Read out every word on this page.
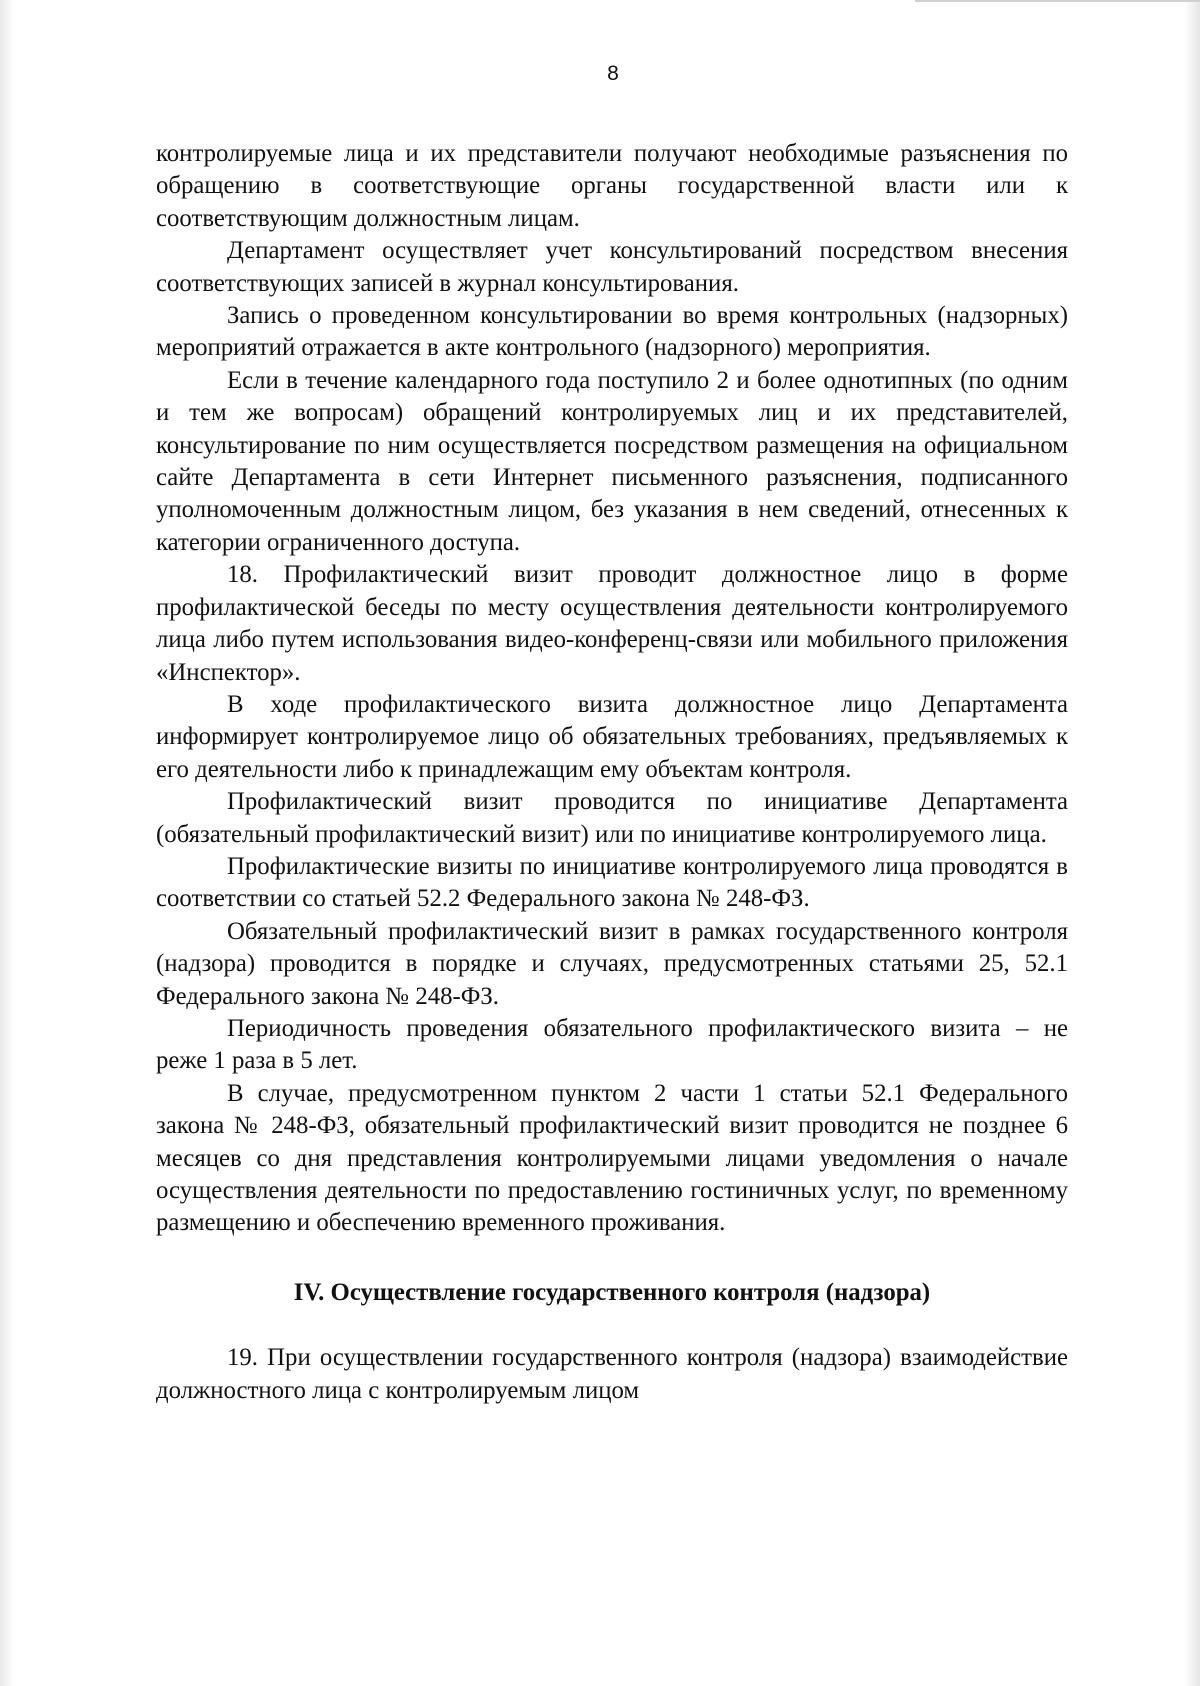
8

контролируемые лица и их представители получают необходимые разъяснения по обращению в соответствующие органы государственной власти или к соответствующим должностным лицам.

Департамент осуществляет учет консультирований посредством внесения соответствующих записей в журнал консультирования.

Запись о проведенном консультировании во время контрольных (надзорных) мероприятий отражается в акте контрольного (надзорного) мероприятия.

Если в течение календарного года поступило 2 и более однотипных (по одним и тем же вопросам) обращений контролируемых лиц и их представителей, консультирование по ним осуществляется посредством размещения на официальном сайте Департамента в сети Интернет письменного разъяснения, подписанного уполномоченным должностным лицом, без указания в нем сведений, отнесенных к категории ограниченного доступа.

18. Профилактический визит проводит должностное лицо в форме профилактической беседы по месту осуществления деятельности контролируемого лица либо путем использования видео-конференц-связи или мобильного приложения «Инспектор».

В ходе профилактического визита должностное лицо Департамента информирует контролируемое лицо об обязательных требованиях, предъявляемых к его деятельности либо к принадлежащим ему объектам контроля.

Профилактический визит проводится по инициативе Департамента (обязательный профилактический визит) или по инициативе контролируемого лица.

Профилактические визиты по инициативе контролируемого лица проводятся в соответствии со статьей 52.2 Федерального закона № 248-ФЗ.

Обязательный профилактический визит в рамках государственного контроля (надзора) проводится в порядке и случаях, предусмотренных статьями 25, 52.1 Федерального закона № 248-ФЗ.

Периодичность проведения обязательного профилактического визита – не реже 1 раза в 5 лет.

В случае, предусмотренном пунктом 2 части 1 статьи 52.1 Федерального закона № 248-ФЗ, обязательный профилактический визит проводится не позднее 6 месяцев со дня представления контролируемыми лицами уведомления о начале осуществления деятельности по предоставлению гостиничных услуг, по временному размещению и обеспечению временного проживания.

IV. Осуществление государственного контроля (надзора)

19. При осуществлении государственного контроля (надзора) взаимодействие должностного лица с контролируемым лицом
